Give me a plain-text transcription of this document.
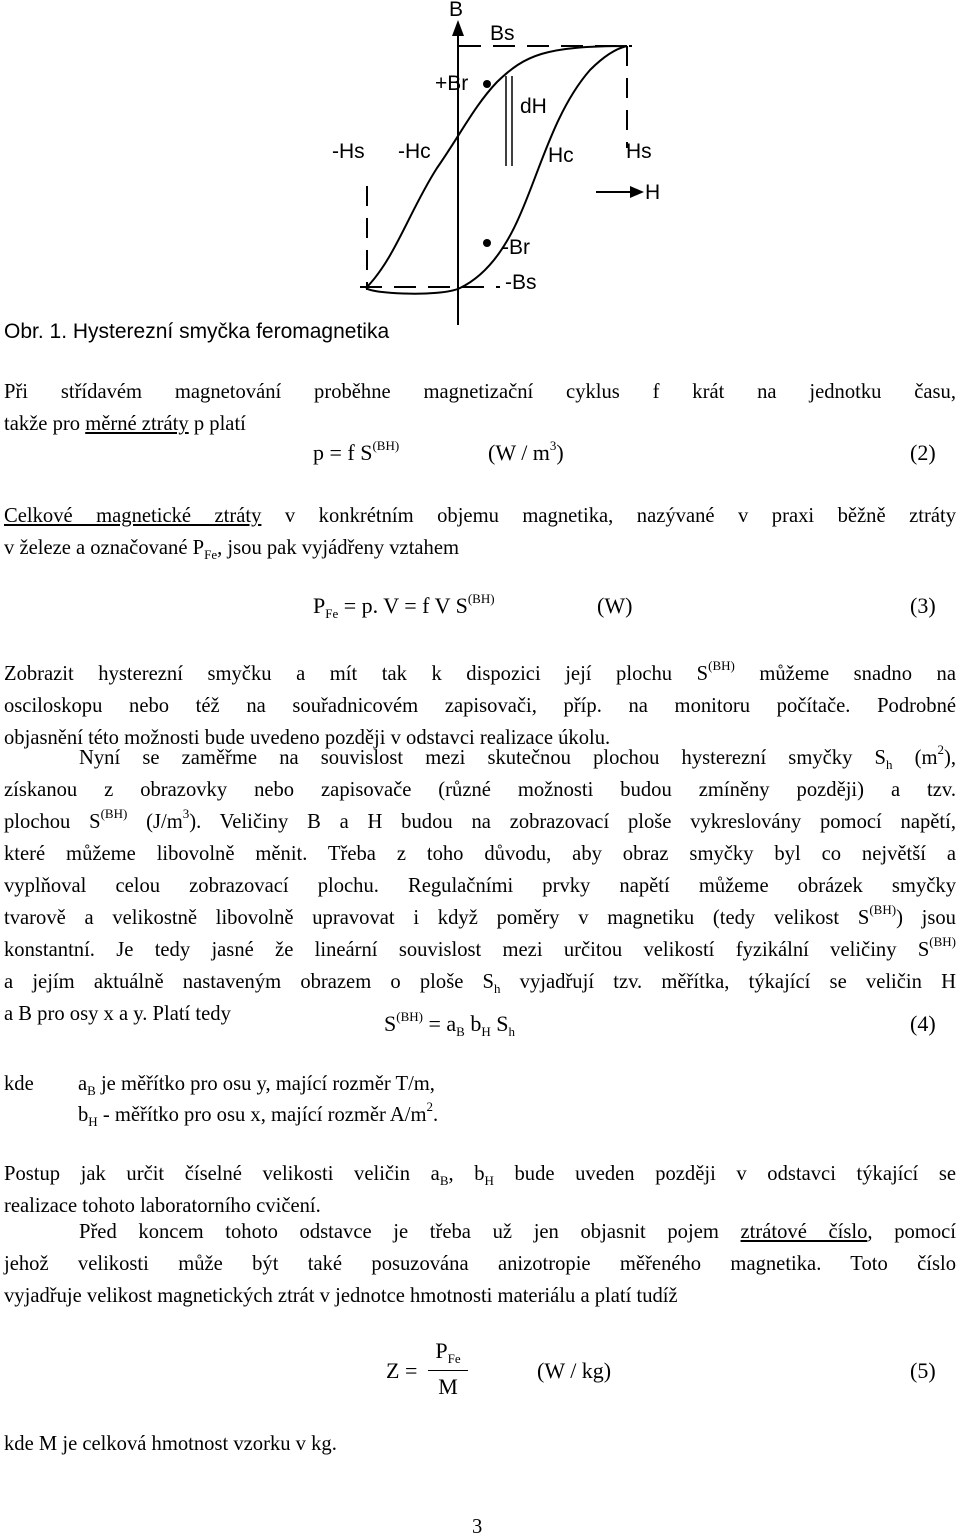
B
Bs
+Br
dH
-Hs -Hc	Hc Hs
H
-Br
-Bs
Obr. 1. Hysterezní smyčka feromagnetika
Při střídavém magnetování proběhne magnetizační cyklus f krát na jednotku času,
takže pro měrné ztráty p platí
p = f $S^{(BH)}$	$(W / m^3)$	(2)
Celkové magnetické ztráty v konkrétním objemu magnetika, nazývané v praxi běžně ztráty
v železe a označované $P_{Fe}$, jsou pak vyjádřeny vztahem
$P_{Fe} = p$. V = f V $S^{(BH)}$	(W)	(3)
Zobrazit hysterezní smyčku a mít tak k dispozici její plochu $S^{(BH)}$ můžeme snadno na
osciloskopu nebo též na souřadnicovém zapisovači, příp. na monitoru počítače. Podrobné
objasnění této možnosti bude uvedeno později v odstavci realizace úkolu.
Nyní se zaměřme na souvislost mezi skutečnou plochou hysterezní smyčky $S_h$ $(m^2)$,
získanou z obrazovky nebo zapisovače (různé možnosti budou zmíněny později) a tzv.
plochou $S^{(BH)}$ $(J/m^3)$. Veličiny B a H budou na zobrazovací ploše vykreslovány pomocí napětí,
které můžeme libovolně měnit. Třeba z toho důvodu, aby obraz smyčky byl co největší a
vyplňoval celou zobrazovací plochu. Regulačními prvky napětí můžeme obrázek smyčky
tvarově a velikostně libovolně upravovat i když poměry v magnetiku (tedy velikost $S^{(BH)}$) jsou
konstantní. Je tedy jasné že lineární souvislost mezi určitou velikostí fyzikální veličiny $S^{(BH)}$
a jejím aktuálně nastaveným obrazem o ploše $S_h$ vyjadřují tzv. měřítka, týkající se veličin H
a B pro osy x a y. Platí tedy	$S^{(BH)} = a_B$ $b_H$ $S_h$	(4)
kde $a_B$ je měřítko pro osu y, mající rozměr T/m,
$b_H$ - měřítko pro osu x, mající rozměr $A/m^2$.
Postup jak určit číselné velikosti veličin $a_B$, $b_H$ bude uveden později v odstavci týkající se
realizace tohoto laboratorního cvičení.
Před koncem tohoto odstavce je třeba už jen objasnit pojem ztrátové číslo, pomocí
jehož velikosti může být také posuzována anizotropie měřeného magnetika. Toto číslo
vyjadřuje velikost magnetických ztrát v jednotce hmotnosti materiálu a platí tudíž
Z =
$P_{Fe}$
M
(W / kg)	(5)
kde M je celková hmotnost vzorku v kg.
3
